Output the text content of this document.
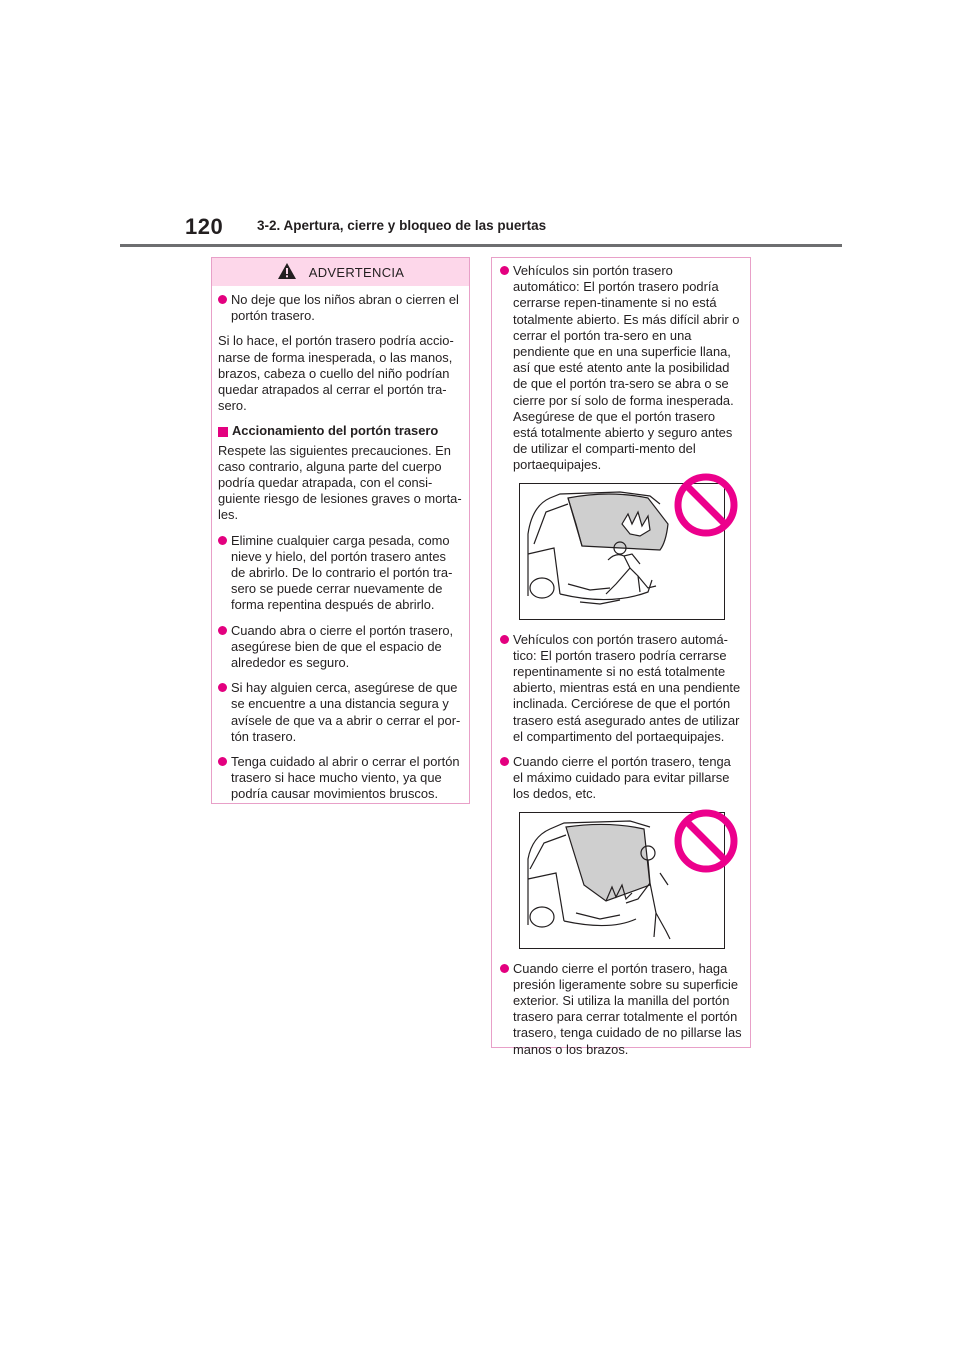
120	3-2. Apertura, cierre y bloqueo de las puertas
ADVERTENCIA
No deje que los niños abran o cierren el portón trasero.
Si lo hace, el portón trasero podría accio-narse de forma inesperada, o las manos, brazos, cabeza o cuello del niño podrían quedar atrapados al cerrar el portón tra-sero.
Accionamiento del portón trasero
Respete las siguientes precauciones. En caso contrario, alguna parte del cuerpo podría quedar atrapada, con el consi-guiente riesgo de lesiones graves o morta-les.
Elimine cualquier carga pesada, como nieve y hielo, del portón trasero antes de abrirlo. De lo contrario el portón tra-sero se puede cerrar nuevamente de forma repentina después de abrirlo.
Cuando abra o cierre el portón trasero, asegúrese bien de que el espacio de alrededor es seguro.
Si hay alguien cerca, asegúrese de que se encuentre a una distancia segura y avísele de que va a abrir o cerrar el por-tón trasero.
Tenga cuidado al abrir o cerrar el portón trasero si hace mucho viento, ya que podría causar movimientos bruscos.
Vehículos sin portón trasero automático: El portón trasero podría cerrarse repen-tinamente si no está totalmente abierto. Es más difícil abrir o cerrar el portón tra-sero en una pendiente que en una superficie llana, así que esté atento ante la posibilidad de que el portón tra-sero se abra o se cierre por sí solo de forma inesperada. Asegúrese de que el portón trasero está totalmente abierto y seguro antes de utilizar el comparti-mento del portaequipajes.
Vehículos con portón trasero automá-tico: El portón trasero podría cerrarse repentinamente si no está totalmente abierto, mientras está en una pendiente inclinada. Cerciórese de que el portón trasero está asegurado antes de utilizar el compartimento del portaequipajes.
Cuando cierre el portón trasero, tenga el máximo cuidado para evitar pillarse los dedos, etc.
Cuando cierre el portón trasero, haga presión ligeramente sobre su superficie exterior. Si utiliza la manilla del portón trasero para cerrar totalmente el portón trasero, tenga cuidado de no pillarse las manos o los brazos.
